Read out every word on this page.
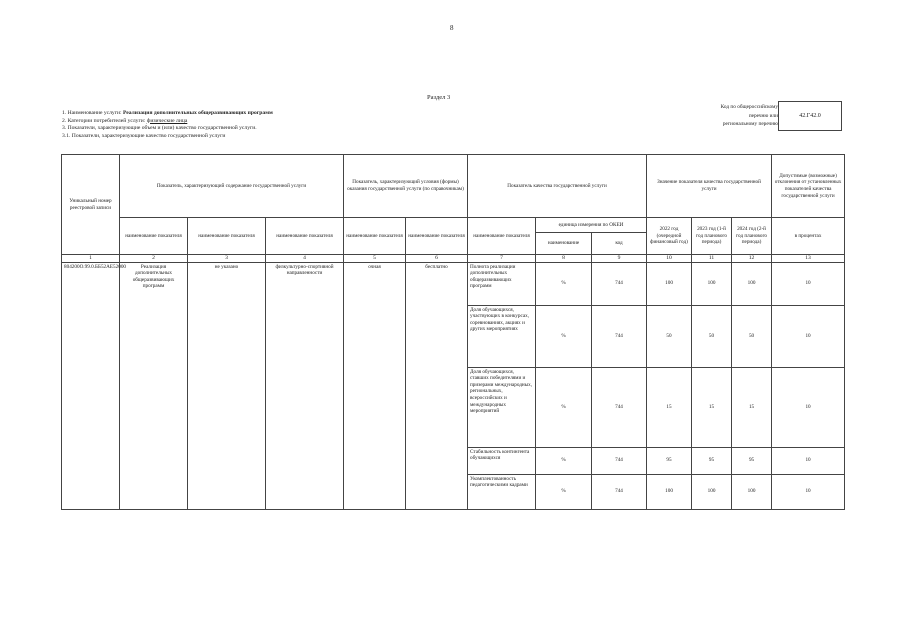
8
Раздел 3
1. Наименование услуги: Реализация дополнительных общеразвивающих программ
2. Категории потребителей услуги: физические лица
3. Показатели, характеризующие объем и (или) качество государственной услуги.
3.1. Показатели, характеризующие качество государственной услуги
Код по общероссийскому
перечню или
региональному перечню
42.Г42.0
Уникальный номер реестровой записи	Показатель, характеризующий содержание государственной услуги			Показатель, характеризующий условия (формы) оказания государственной услуги (по справочникам)		Показатель качества государственной услуги			Значение показателя качества государственной услуги			Допустимые (возможные) отклонения от установленных показателей качества государственной услуги
	наименование показателя	наименование показателя	наименование показателя	наименование показателя	наименование показателя	наименование показателя	единица измерения по ОКЕИ		2022 год (очередной финансовый год)	2023 год (1-й год планового периода)	2024 год (2-й год планового периода)	в процентах
							наименование	код				
1	2	3	4	5	6	7	8	9	10	11	12	13
804200О.99.0.ББ52АЕ52000	Реализация дополнительных общеразвивающих программ	не указано	физкультурно-спортивной направленности	очная	бесплатно	Полнота реализации дополнительных общеразвивающих программ	%	744	100	100	100	10
						Доля обучающихся, участвующих в конкурсах, соревнованиях, акциях и других мероприятиях	%	744	50	50	50	10
						Доля обучающихся, ставших победителями и призерами международных, региональных, всероссийских и международных мероприятий	%	744	15	15	15	10
						Стабильность контингента обучающихся	%	744	95	95	95	10
						Укомплектованность педагогическими кадрами	%	744	100	100	100	10
